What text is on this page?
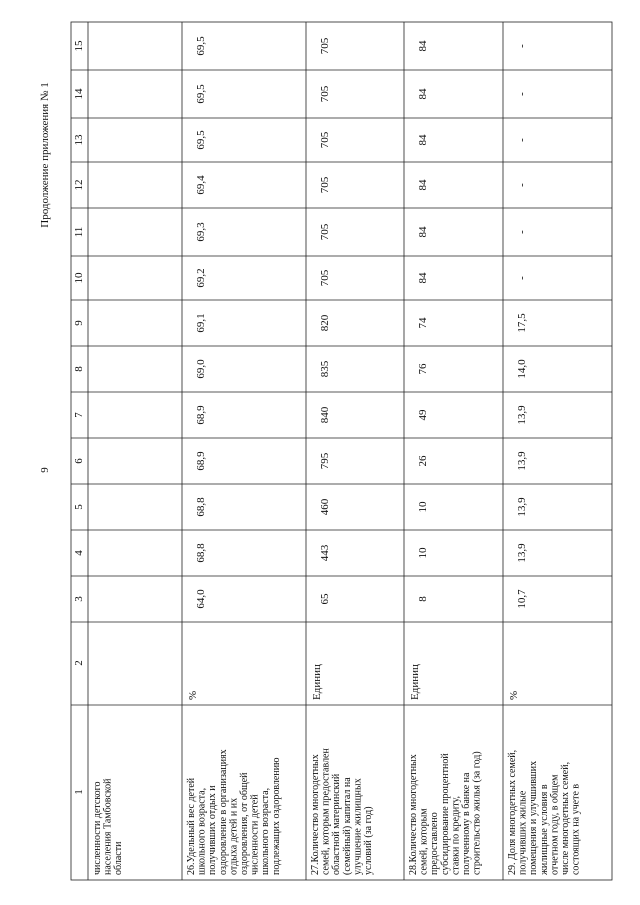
1
2
3
4
5
6
7
8
9
10
11
12
13
14
15
9
Продолжение приложения № 1
численности детского населения Тамбовской области	26.Удельный вес детей школьного возраста, получивших отдых и оздоровление в организациях отдыха детей и их оздоровления, от общей численности детей школьного возраста, подлежащих оздоровлению
%
64,0
68,8
68,8
68,9
68,9
69,0
69,1
69,2
69,3
69,4
69,5
69,5
69,5
27.Количество многодетных семей, которым предоставлен областной материнский (семейный) капитал на улучшение жилищных условий (за год)
Единиц
65
443
460
795
840
835
820
705
705
705
705
705
705
28.Количество многодетных семей, которым предоставлено субсидирование процентной ставки по кредиту, полученному в банке на строительство жилья (за год)
Единиц
8
10
10
26
49
76
74
84
84
84
84
84
84
29. Доля многодетных семей, получивших жилые помещения и улучшивших жилищные условия в отчетном году, в общем числе многодетных семей, состоящих на учете в
%
10,7
13,9
13,9
13,9
13,9
14,0
17,5
-
-
-
-
-
-
